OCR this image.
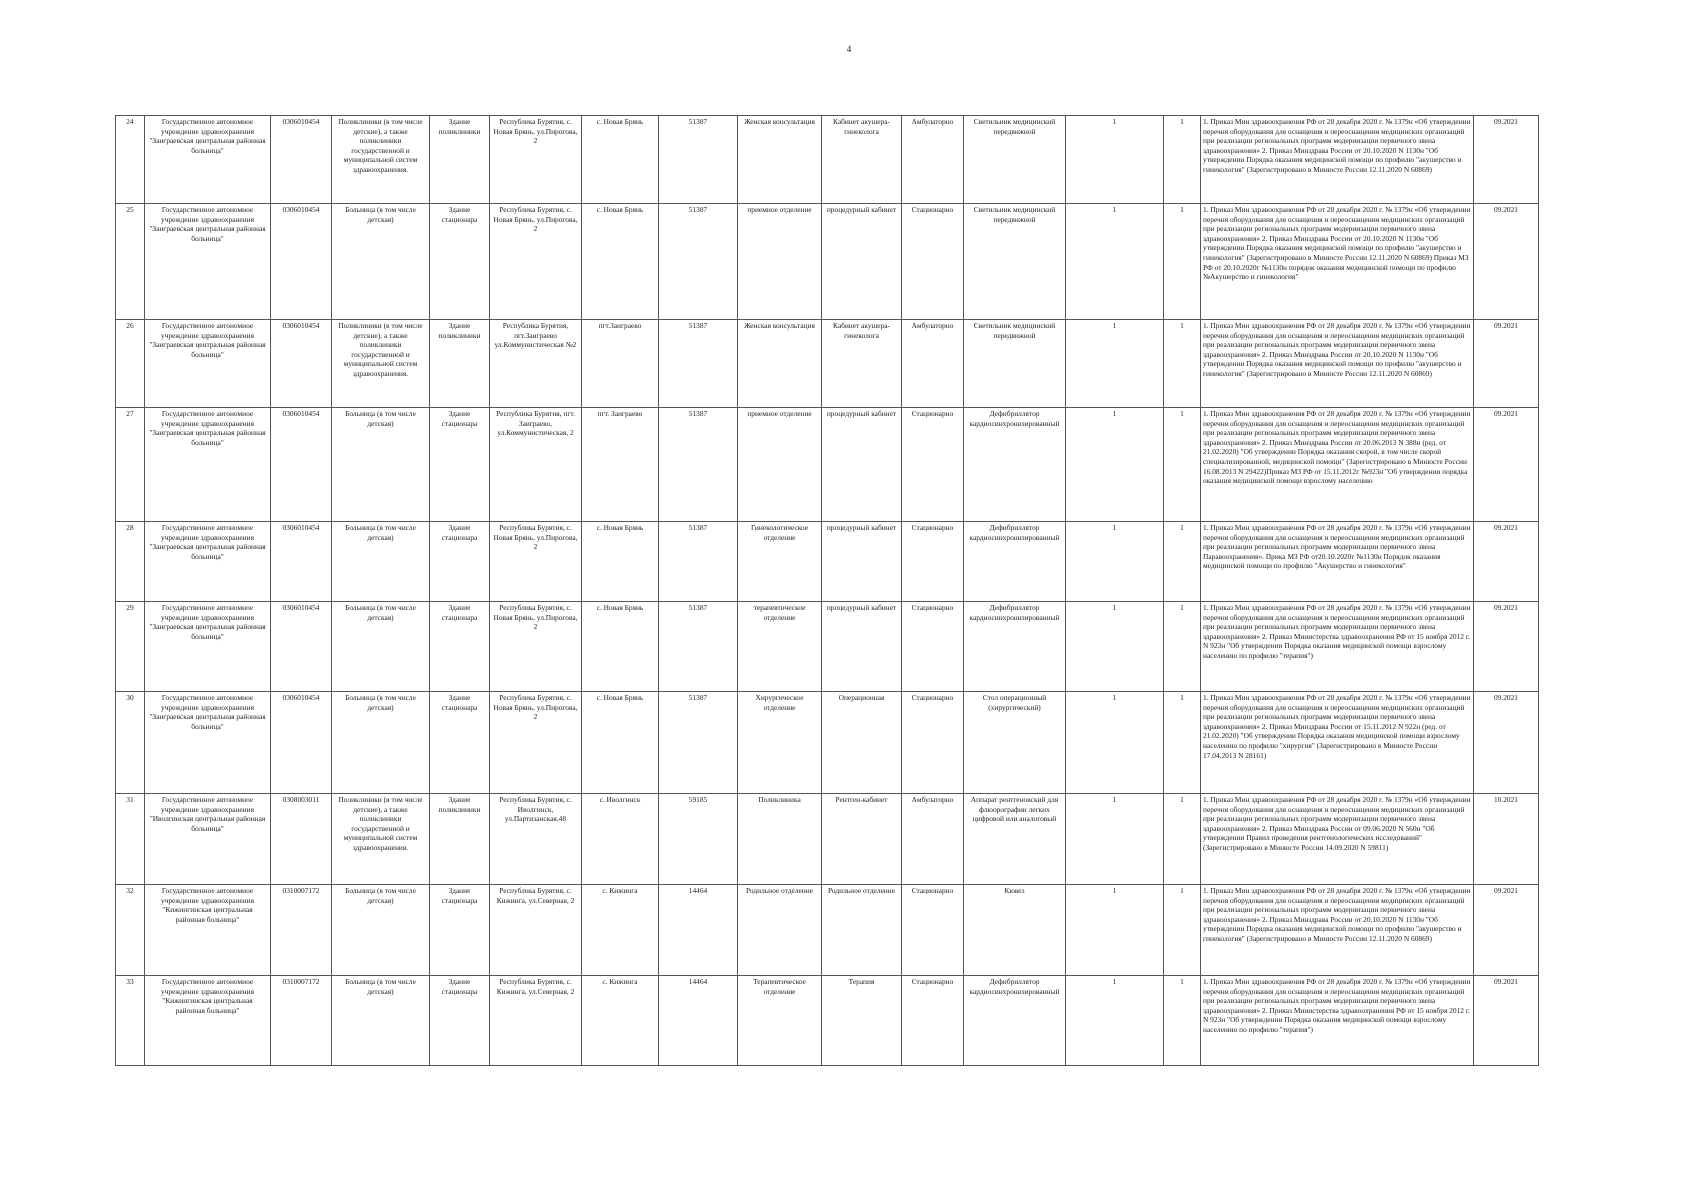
4
24	Государственное автономное учреждение здравоохранения "Заиграевская центральная районная больница"	0306010454	Поликлиники (в том числе детские), а также поликлиники государственной и муниципальной систем здравоохранения.	Здание поликлиники	Республика Бурятия, с. Новая Брянь, ул.Пирогова, 2	с. Новая Брянь	51387	Женская консультация	Кабинет акушера-гинеколога	Амбулаторно	Светильник медицинский передвижной	1	1	1. Приказ Мин здравоохранения РФ от 28 декабря 2020 г. № 1379н «Об утверждении перечня оборудования для оснащения и переоснащения медицинских организаций при реализации региональных программ модернизации первичного звена здравоохранения» 2. Приказ Минздрава России от 20.10.2020 N 1130н "Об утверждении Порядка оказания медицинской помощи по профилю "акушерство и гинекология" (Зарегистрировано в Минюсте России 12.11.2020 N 60869)	09.2021
25	Государственное автономное учреждение здравоохранения "Заиграевская центральная районная больница"	0306010454	Больница (в том числе детская)	Здание стационара	Республика Бурятия, с. Новая Брянь, ул.Пирогова, 2	с. Новая Брянь	51387	приемное отделение	процедурный кабинет	Стационарно	Светильник медицинский передвижной	1	1	1. Приказ Мин здравоохранения РФ от 28 декабря 2020 г. № 1379н «Об утверждении перечня оборудования для оснащения и переоснащения медицинских организаций при реализации региональных программ модернизации первичного звена здравоохранения» 2. Приказ Минздрава России от 20.10.2020 N 1130н "Об утверждении Порядка оказания медицинской помощи по профилю "акушерство и гинекология" (Зарегистрировано в Минюсте России 12.11.2020 N 60869) Приказ МЗ РФ от 20.10.2020г №1130н порядок оказания медицинской помощи по профилю №Акушерство и гинекология"	09.2021
26	Государственное автономное учреждение здравоохранения "Заиграевская центральная районная больница"	0306010454	Поликлиники (в том числе детские), а также поликлиники государственной и муниципальной систем здравоохранения.	Здание поликлиники	Республика Бурятия, пгт.Заиграево ул.Коммунистическая №2	пгт.Заиграево	51387	Женская консультация	Кабинет акушера-гинеколога	Амбулаторно	Светильник медицинский передвижной	1	1	1. Приказ Мин здравоохранения РФ от 28 декабря 2020 г. № 1379н «Об утверждении перечня оборудования для оснащения и переоснащения медицинских организаций при реализации региональных программ модернизации первичного звена здравоохранения» 2. Приказ Минздрава России от 20.10.2020 N 1130н "Об утверждении Порядка оказания медицинской помощи по профилю "акушерство и гинекология" (Зарегистрировано в Минюсте России 12.11.2020 N 60869)	09.2021
27	Государственное автономное учреждение здравоохранения "Заиграевская центральная районная больница"	0306010454	Больница (в том числе детская)	Здание стационара	Республика Бурятия, пгт. Заиграево, ул.Коммунистическая, 2	пгт. Заиграево	51387	приемное отделение	процедурный кабинет	Стационарно	Дефибриллятор кардиосинхронизированный	1	1	1. Приказ Мин здравоохранения РФ от 28 декабря 2020 г. № 1379н «Об утверждении перечня оборудования для оснащения и переоснащения медицинских организаций при реализации региональных программ модернизации первичного звена здравоохранения» 2. Приказ Минздрава России от 20.06.2013 N 388н (ред. от 21.02.2020) "Об утверждении Порядка оказания скорой, в том числе скорой специализированной, медицинской помощи" (Зарегистрировано в Минюсте России 16.08.2013 N 29422)Приказ МЗ РФ от 15.11.2012г №923н "Об утверждении порядка оказания медицинской помощи взрослому населению	09.2021
28	Государственное автономное учреждение здравоохранения "Заиграевская центральная районная больница"	0306010454	Больница (в том числе детская)	Здание стационара	Республика Бурятия, с. Новая Брянь, ул.Пирогова, 2	с. Новая Брянь	51387	Гинекологическое отделение	процедурный кабинет	Стационарно	Дефибриллятор кардиосинхронизированный	1	1	1. Приказ Мин здравоохранения РФ от 28 декабря 2020 г. № 1379н «Об утверждении перечня оборудования для оснащения и переоснащения медицинских организаций при реализации региональных программ модернизации первичного звена Паравоохранения». Прика МЗ РФ от20.10.2020г №1130н Порядок оказания медицинской помощи по профилю "Акушерство и гинекология"	09.2021
29	Государственное автономное учреждение здравоохранения "Заиграевская центральная районная больница"	0306010454	Больница (в том числе детская)	Здание стационара	Республика Бурятия, с. Новая Брянь, ул.Пирогова, 2	с. Новая Брянь	51387	терапевтическое отделение	процедурный кабинет	Стационарно	Дефибриллятор кардиосинхронизированный	1	1	1. Приказ Мин здравоохранения РФ от 28 декабря 2020 г. № 1379н «Об утверждении перечня оборудования для оснащения и переоснащения медицинских организаций при реализации региональных программ модернизации первичного звена здравоохранения» 2. Приказ Министерства здравоохранения РФ от 15 ноября 2012 г. N 923н "Об утверждении Порядка оказания медицинской помощи взрослому населению по профилю "терапия")	09.2021
30	Государственное автономное учреждение здравоохранения "Заиграевская центральная районная больница"	0306010454	Больница (в том числе детская)	Здание стационара	Республика Бурятия, с. Новая Брянь, ул.Пирогова, 2	с. Новая Брянь	51387	Хирургическое отделение	Операционная	Стационарно	Стол операционный (хирургический)	1	1	1. Приказ Мин здравоохранения РФ от 28 декабря 2020 г. № 1379н «Об утверждении перечня оборудования для оснащения и переоснащения медицинских организаций при реализации региональных программ модернизации первичного звена здравоохранения» 2. Приказ Минздрава России от 15.11.2012 N 922н (ред. от 21.02.2020) "Об утверждении Порядка оказания медицинской помощи взрослому населению по профилю "хирургия" (Зарегистрировано в Минюсте России 17.04.2013 N 28161)	09.2021
31	Государственное автономное учреждение здравоохранения "Иволгинская центральная районная больница"	0308003011	Поликлиники (в том числе детские), а также поликлиники государственной и муниципальной систем здравоохранения.	Здание поликлиники	Республика Бурятия, с. Иволгинск, ул.Партизанская,48	с. Иволгинск	59185	Поликлиника	Рентген-кабинет	Амбулаторно	Аппарат рентгеновский для флюорографии легких цифровой или аналоговый	1	1	1. Приказ Мин здравоохранения РФ от 28 декабря 2020 г. № 1379н «Об утверждении перечня оборудования для оснащения и переоснащения медицинских организаций при реализации региональных программ модернизации первичного звена здравоохранения» 2. Приказ Минздрава России от 09.06.2020 N 560н "Об утверждении Правил проведения рентгенологических исследований" (Зарегистрировано в Минюсте России 14.09.2020 N 59811)	10.2021
32	Государственное автономное учреждение здравоохранения "Кижингинская центральная районная больница"	0310007172	Больница (в том числе детская)	Здание стационара	Республика Бурятия, с. Кижинга, ул.Северная, 2	с. Кижинга	14464	Родильное отделение	Родильное отделение	Стационарно	Кювез	1	1	1. Приказ Мин здравоохранения РФ от 28 декабря 2020 г. № 1379н «Об утверждении перечня оборудования для оснащения и переоснащения медицинских организаций при реализации региональных программ модернизации первичного звена здравоохранения» 2. Приказ Минздрава России от 20.10.2020 N 1130н "Об утверждении Порядка оказания медицинской помощи по профилю "акушерство и гинекология" (Зарегистрировано в Минюсте России 12.11.2020 N 60869)	09.2021
33	Государственное автономное учреждение здравоохранения "Кижингинская центральная районная больница"	0310007172	Больница (в том числе детская)	Здание стационара	Республика Бурятия, с. Кижинга, ул.Северная, 2	с. Кижинга	14464	Терапевтическое отделение	Терапия	Стационарно	Дефибриллятор кардиосинхронизированный	1	1	1. Приказ Мин здравоохранения РФ от 28 декабря 2020 г. № 1379н «Об утверждении перечня оборудования для оснащения и переоснащения медицинских организаций при реализации региональных программ модернизации первичного звена здравоохранения» 2. Приказ Министерства здравоохранения РФ от 15 ноября 2012 г. N 923н "Об утверждении Порядка оказания медицинской помощи взрослому населению по профилю "терапия")	09.2021
